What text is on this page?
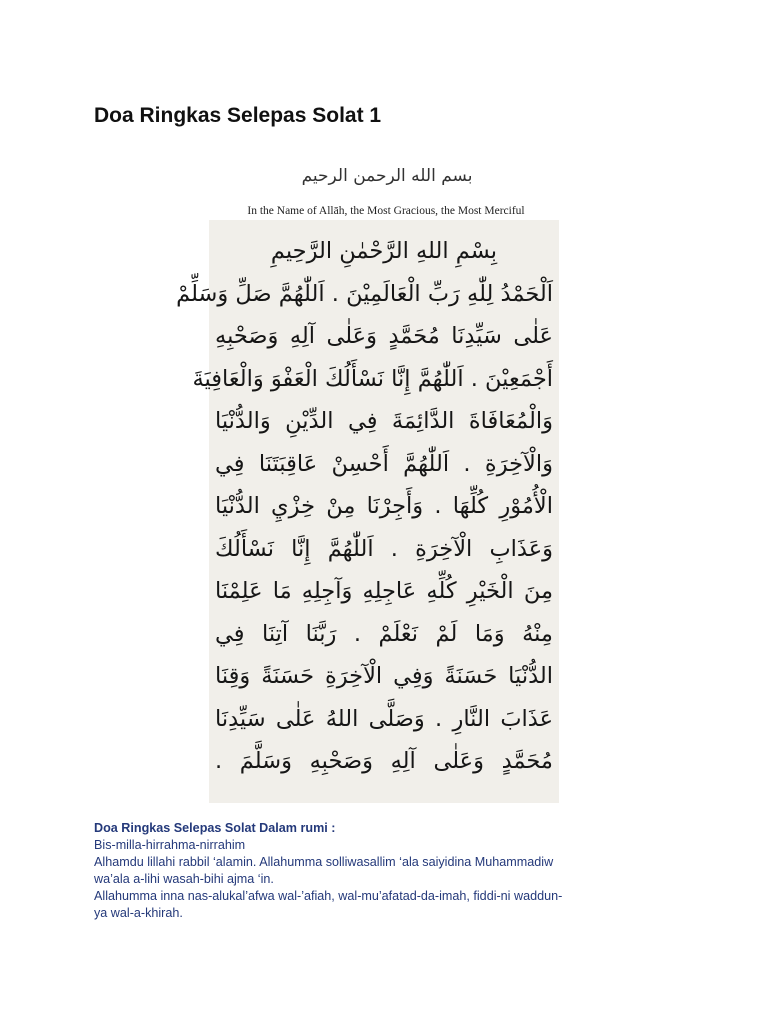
Doa Ringkas Selepas Solat 1
بسم الله الرحمن الرحيم
In the Name of Allāh, the Most Gracious, the Most Merciful
بِسْمِ اللهِ الرَّحْمٰنِ الرَّحِيمِ
اَلْحَمْدُ لِلّٰهِ رَبِّ الْعَالَمِيْنَ . اَللّٰهُمَّ صَلِّ وَسَلِّمْ
عَلٰى سَيِّدِنَا مُحَمَّدٍ وَعَلٰى آلِهِ وَصَحْبِهِ
أَجْمَعِيْنَ . اَللّٰهُمَّ إِنَّا نَسْأَلُكَ الْعَفْوَ وَالْعَافِيَةَ
وَالْمُعَافَاةَ الدَّائِمَةَ فِي الدِّيْنِ وَالدُّنْيَا
وَالْآخِرَةِ . اَللّٰهُمَّ أَحْسِنْ عَاقِبَتَنَا فِي
الْأُمُوْرِ كُلِّهَا . وَأَجِرْنَا مِنْ خِزْيِ الدُّنْيَا
وَعَذَابِ الْآخِرَةِ . اَللّٰهُمَّ إِنَّا نَسْأَلُكَ
مِنَ الْخَيْرِ كُلِّهِ عَاجِلِهِ وَآجِلِهِ مَا عَلِمْنَا
مِنْهُ وَمَا لَمْ نَعْلَمْ . رَبَّنَا آتِنَا فِي
الدُّنْيَا حَسَنَةً وَفِي الْآخِرَةِ حَسَنَةً وَقِنَا
عَذَابَ النَّارِ . وَصَلَّى اللهُ عَلٰى سَيِّدِنَا
مُحَمَّدٍ وَعَلٰى آلِهِ وَصَحْبِهِ وَسَلَّمَ .
Doa Ringkas Selepas Solat Dalam rumi :
Bis-milla-hirrahma-nirrahim
Alhamdu lillahi rabbil ‘alamin. Allahumma solliwasallim ‘ala saiyidina Muhammadiw
wa’ala a-lihi wasah-bihi ajma ‘in.
Allahumma inna nas-alukal’afwa wal-’afiah, wal-mu’afatad-da-imah, fiddi-ni waddun-
ya wal-a-khirah.
